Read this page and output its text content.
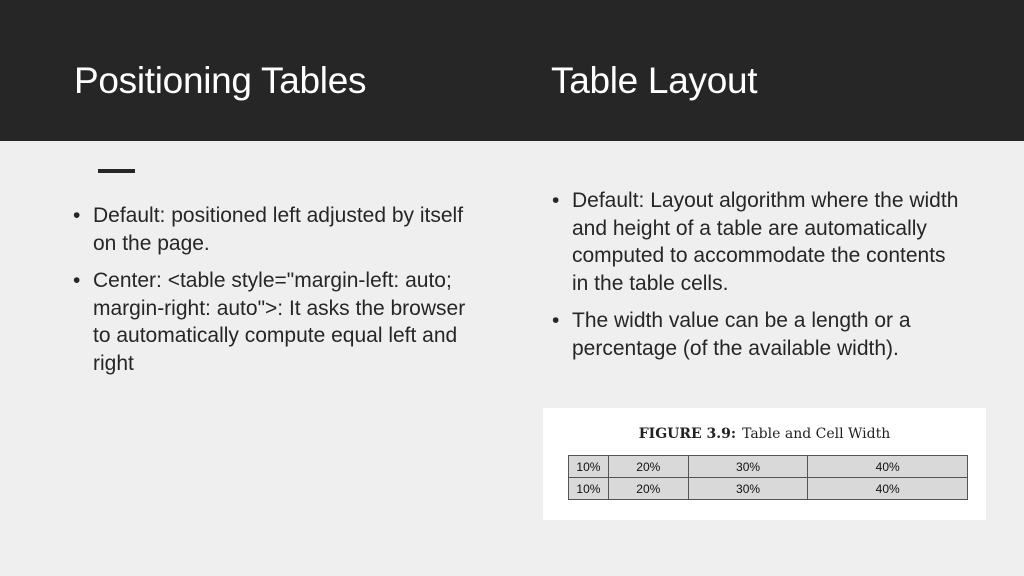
Positioning Tables	Table Layout
• Default: positioned left adjusted by itself on the page.
• Center: <table style="margin-left: auto; margin-right: auto">: It asks the browser to automatically compute equal left and right
• Default: Layout algorithm where the width and height of a table are automatically computed to accommodate the contents in the table cells.
• The width value can be a length or a percentage (of the available width).
FIGURE 3.9: Table and Cell Width
10%	20%	30%	40%
10%	20%	30%	40%
